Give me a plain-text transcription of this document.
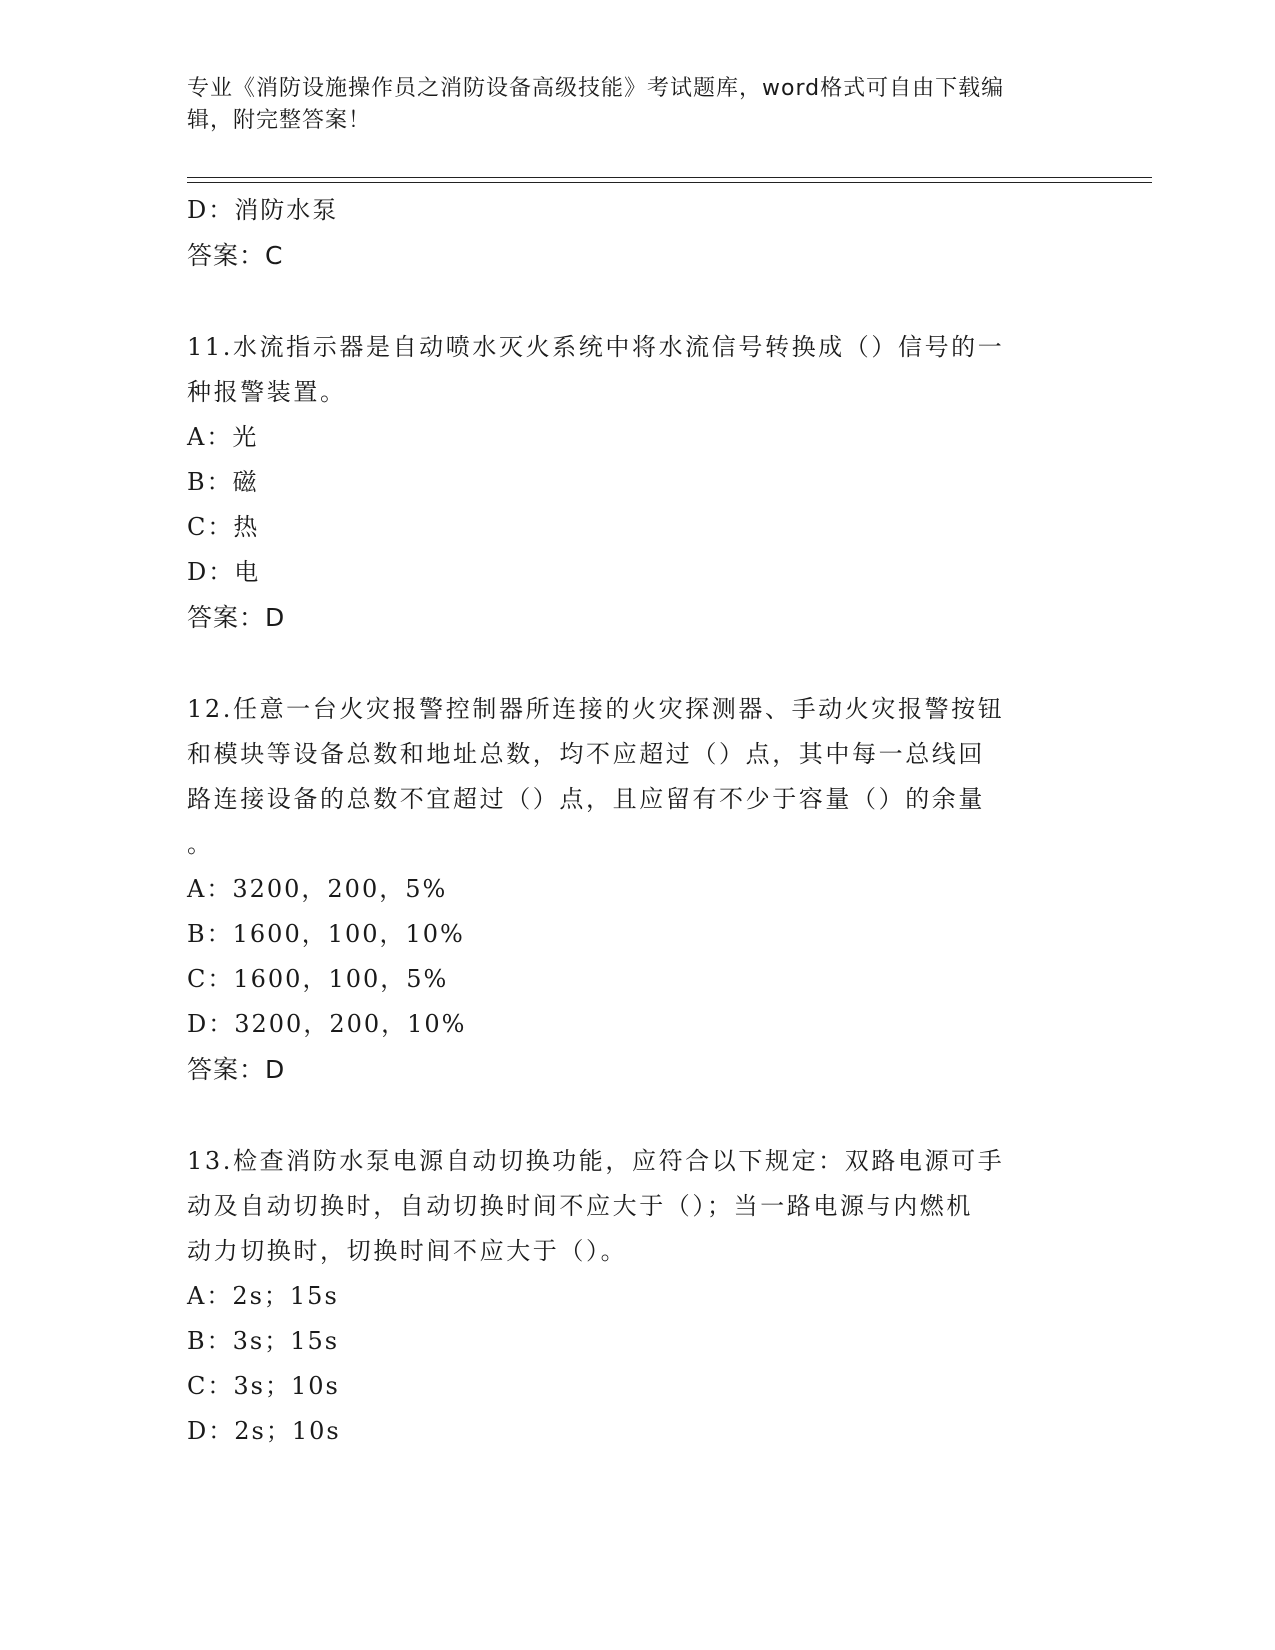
专业《消防设施操作员之消防设备高级技能》考试题库，word格式可自由下载编
辑，附完整答案！
D：消防水泵
答案：C
11.水流指示器是自动喷水灭火系统中将水流信号转换成（）信号的一
种报警装置。
A：光
B：磁
C：热
D：电
答案：D
12.任意一台火灾报警控制器所连接的火灾探测器、手动火灾报警按钮
和模块等设备总数和地址总数，均不应超过（）点，其中每一总线回
路连接设备的总数不宜超过（）点，且应留有不少于容量（）的余量
。
A：3200，200，5%
B：1600，100，10%
C：1600，100，5%
D：3200，200，10%
答案：D
13.检查消防水泵电源自动切换功能，应符合以下规定：双路电源可手
动及自动切换时，自动切换时间不应大于（）；当一路电源与内燃机
动力切换时，切换时间不应大于（）。
A：2s；15s
B：3s；15s
C：3s；10s
D：2s；10s
